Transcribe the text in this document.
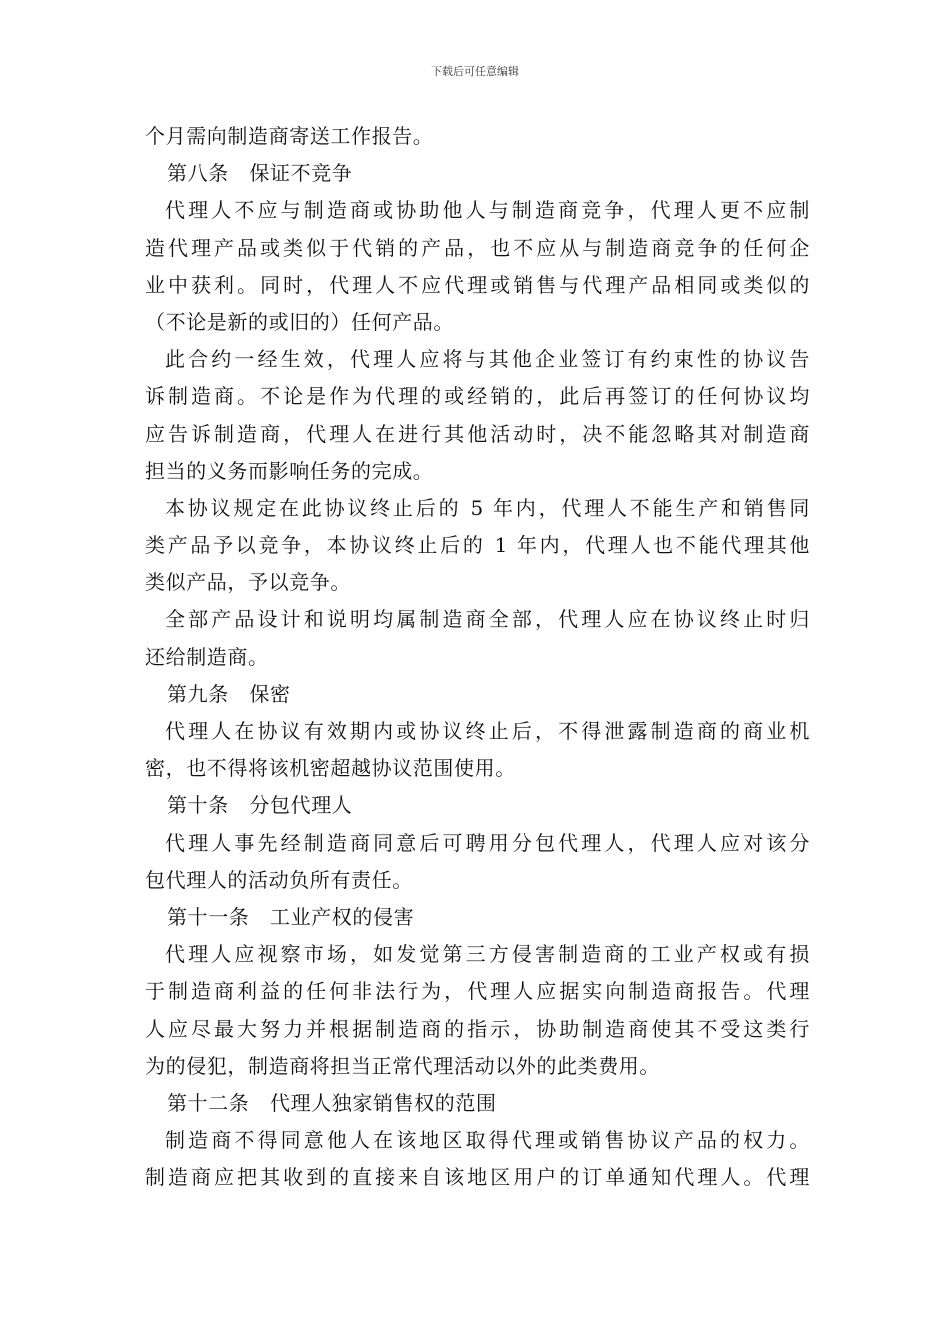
下载后可任意编辑
个月需向制造商寄送工作报告。
第八条　保证不竞争
代理人不应与制造商或协助他人与制造商竞争，代理人更不应制
造代理产品或类似于代销的产品，也不应从与制造商竞争的任何企
业中获利。同时，代理人不应代理或销售与代理产品相同或类似的
（不论是新的或旧的）任何产品。
此合约一经生效，代理人应将与其他企业签订有约束性的协议告
诉制造商。不论是作为代理的或经销的，此后再签订的任何协议均
应告诉制造商，代理人在进行其他活动时，决不能忽略其对制造商
担当的义务而影响任务的完成。
本协议规定在此协议终止后的 5 年内，代理人不能生产和销售同
类产品予以竞争，本协议终止后的 1 年内，代理人也不能代理其他
类似产品，予以竞争。
全部产品设计和说明均属制造商全部，代理人应在协议终止时归
还给制造商。
第九条　保密
代理人在协议有效期内或协议终止后，不得泄露制造商的商业机
密，也不得将该机密超越协议范围使用。
第十条　分包代理人
代理人事先经制造商同意后可聘用分包代理人，代理人应对该分
包代理人的活动负所有责任。
第十一条　工业产权的侵害
代理人应视察市场，如发觉第三方侵害制造商的工业产权或有损
于制造商利益的任何非法行为，代理人应据实向制造商报告。代理
人应尽最大努力并根据制造商的指示，协助制造商使其不受这类行
为的侵犯，制造商将担当正常代理活动以外的此类费用。
第十二条　代理人独家销售权的范围
制造商不得同意他人在该地区取得代理或销售协议产品的权力。
制造商应把其收到的直接来自该地区用户的订单通知代理人。代理
